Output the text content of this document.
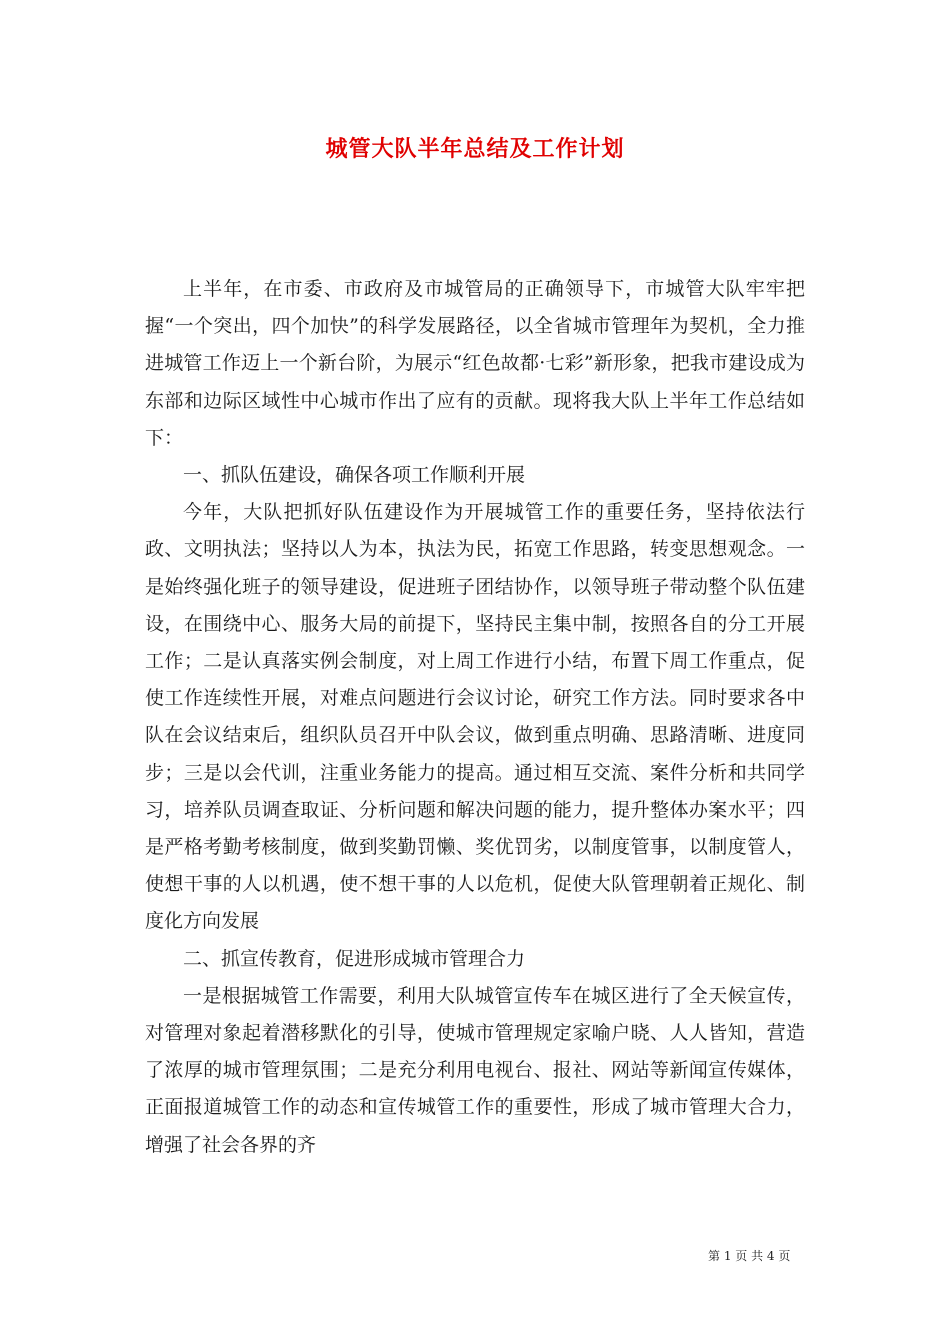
城管大队半年总结及工作计划

上半年，在市委、市政府及市城管局的正确领导下，市城管大队牢牢把握“一个突出，四个加快”的科学发展路径，以全省城市管理年为契机，全力推进城管工作迈上一个新台阶，为展示“红色故都·七彩”新形象，把我市建设成为东部和边际区域性中心城市作出了应有的贡献。现将我大队上半年工作总结如下：

一、抓队伍建设，确保各项工作顺利开展

今年，大队把抓好队伍建设作为开展城管工作的重要任务，坚持依法行政、文明执法；坚持以人为本，执法为民，拓宽工作思路，转变思想观念。一是始终强化班子的领导建设，促进班子团结协作，以领导班子带动整个队伍建设，在围绕中心、服务大局的前提下，坚持民主集中制，按照各自的分工开展工作；二是认真落实例会制度，对上周工作进行小结，布置下周工作重点，促使工作连续性开展，对难点问题进行会议讨论，研究工作方法。同时要求各中队在会议结束后，组织队员召开中队会议，做到重点明确、思路清晰、进度同步；三是以会代训，注重业务能力的提高。通过相互交流、案件分析和共同学习，培养队员调查取证、分析问题和解决问题的能力，提升整体办案水平；四是严格考勤考核制度，做到奖勤罚懒、奖优罚劣，以制度管事，以制度管人，使想干事的人以机遇，使不想干事的人以危机，促使大队管理朝着正规化、制度化方向发展

二、抓宣传教育，促进形成城市管理合力

一是根据城管工作需要，利用大队城管宣传车在城区进行了全天候宣传，对管理对象起着潜移默化的引导，使城市管理规定家喻户晓、人人皆知，营造了浓厚的城市管理氛围；二是充分利用电视台、报社、网站等新闻宣传媒体，正面报道城管工作的动态和宣传城管工作的重要性，形成了城市管理大合力，增强了社会各界的齐

第 1 页 共 4 页
